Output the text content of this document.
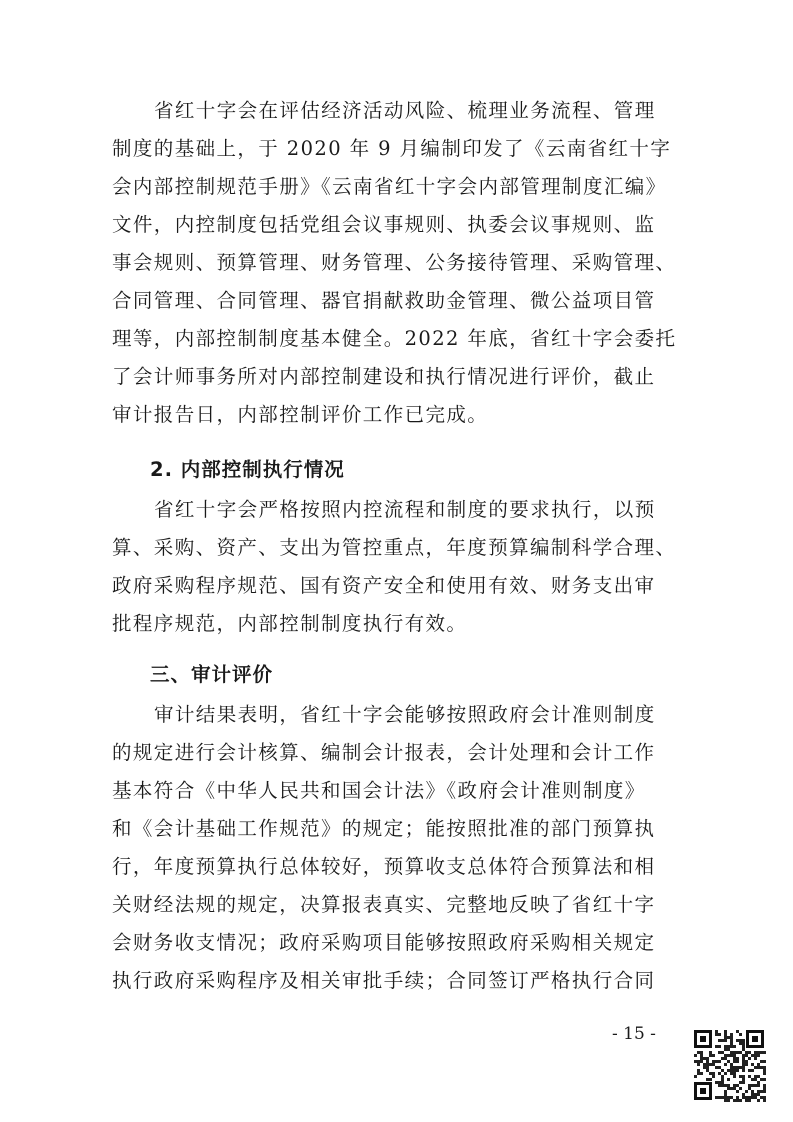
省红十字会在评估经济活动风险、梳理业务流程、管理
制度的基础上，于 2020 年 9 月编制印发了《云南省红十字
会内部控制规范手册》《云南省红十字会内部管理制度汇编》
文件，内控制度包括党组会议事规则、执委会议事规则、监
事会规则、预算管理、财务管理、公务接待管理、采购管理、
合同管理、合同管理、器官捐献救助金管理、微公益项目管
理等，内部控制制度基本健全。2022 年底，省红十字会委托
了会计师事务所对内部控制建设和执行情况进行评价，截止
审计报告日，内部控制评价工作已完成。
2. 内部控制执行情况
省红十字会严格按照内控流程和制度的要求执行，以预
算、采购、资产、支出为管控重点，年度预算编制科学合理、
政府采购程序规范、国有资产安全和使用有效、财务支出审
批程序规范，内部控制制度执行有效。
三、审计评价
审计结果表明，省红十字会能够按照政府会计准则制度
的规定进行会计核算、编制会计报表，会计处理和会计工作
基本符合《中华人民共和国会计法》《政府会计准则制度》
和《会计基础工作规范》的规定；能按照批准的部门预算执
行，年度预算执行总体较好，预算收支总体符合预算法和相
关财经法规的规定，决算报表真实、完整地反映了省红十字
会财务收支情况；政府采购项目能够按照政府采购相关规定
执行政府采购程序及相关审批手续；合同签订严格执行合同
- 15 -
